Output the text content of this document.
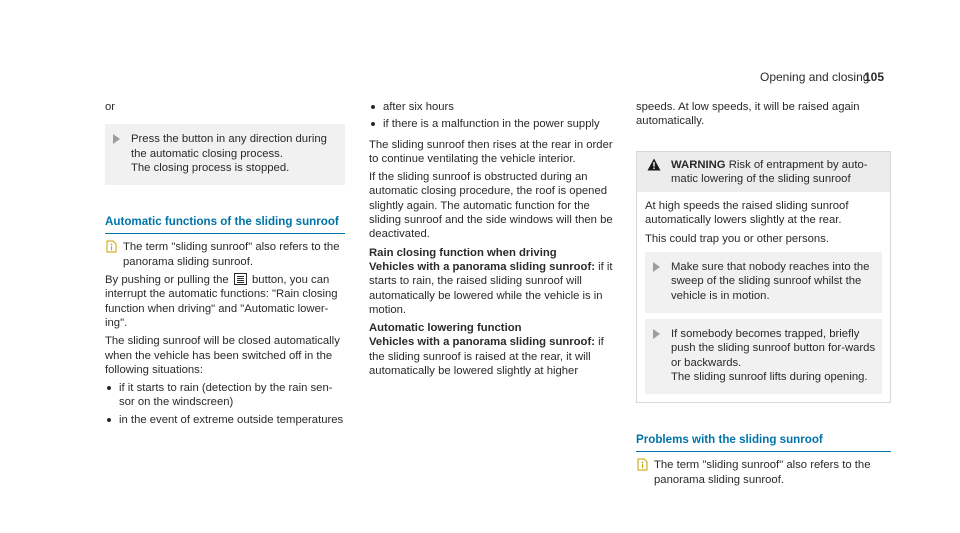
Opening and closing
105

or

Press the button in any direction during the automatic closing process.
The closing process is stopped.
Automatic functions of the sliding sunroof
The term "sliding sunroof" also refers to the panorama sliding sunroof.

By pushing or pulling the button, you can interrupt the automatic functions: "Rain closing function when driving" and "Automatic lower-ing".

The sliding sunroof will be closed automatically when the vehicle has been switched off in the following situations:

if it starts to rain (detection by the rain sen-sor on the windscreen)
in the event of extreme outside temperatures
after six hours
if there is a malfunction in the power supply

The sliding sunroof then rises at the rear in order to continue ventilating the vehicle interior.

If the sliding sunroof is obstructed during an automatic closing procedure, the roof is opened slightly again. The automatic function for the sliding sunroof and the side windows will then be deactivated.

Rain closing function when driving

Vehicles with a panorama sliding sunroof: if it starts to rain, the raised sliding sunroof will automatically be lowered while the vehicle is in motion.

Automatic lowering function

Vehicles with a panorama sliding sunroof: if the sliding sunroof is raised at the rear, it will automatically be lowered slightly at higher

speeds. At low speeds, it will be raised again automatically.

WARNING Risk of entrapment by auto-matic lowering of the sliding sunroof

At high speeds the raised sliding sunroof automatically lowers slightly at the rear.

This could trap you or other persons.

Make sure that nobody reaches into the sweep of the sliding sunroof whilst the vehicle is in motion.
If somebody becomes trapped, briefly push the sliding sunroof button for-wards or backwards.
The sliding sunroof lifts during opening.
Problems with the sliding sunroof
The term "sliding sunroof" also refers to the panorama sliding sunroof.
